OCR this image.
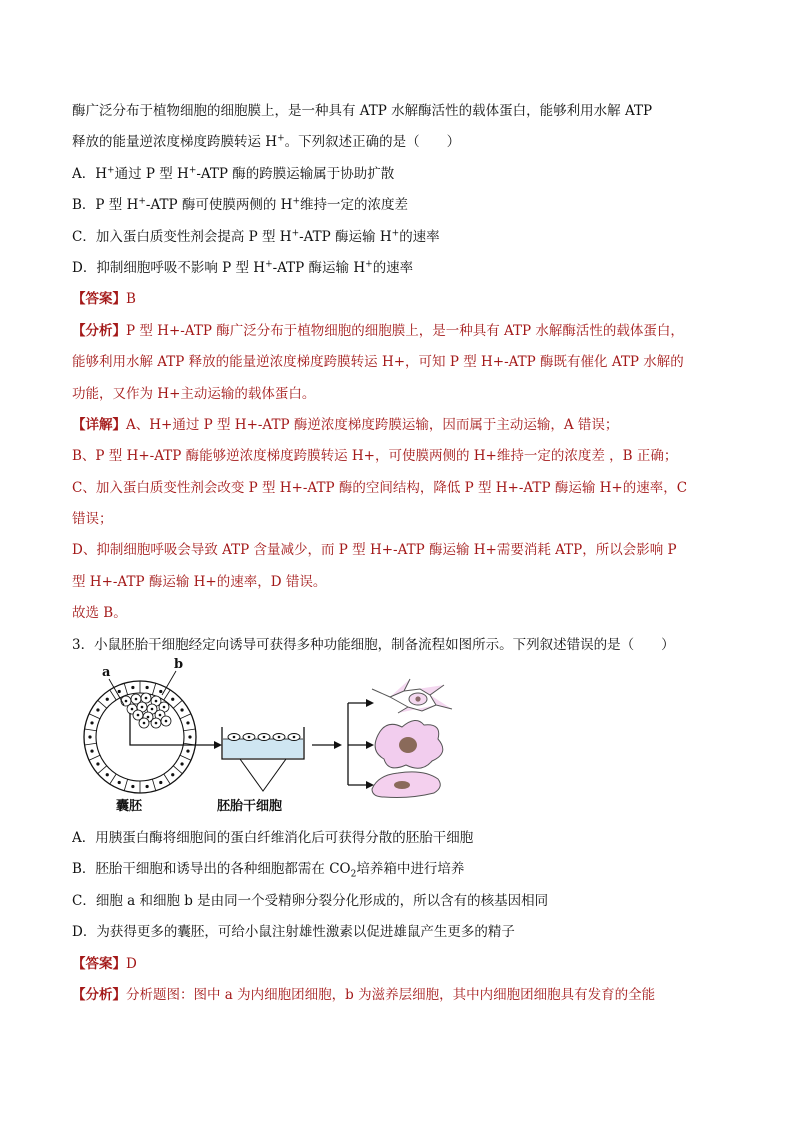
酶广泛分布于植物细胞的细胞膜上，是一种具有 ATP 水解酶活性的载体蛋白，能够利用水解 ATP
释放的能量逆浓度梯度跨膜转运 H+。下列叙述正确的是（　　）
A．H+通过 P 型 H+-ATP 酶的跨膜运输属于协助扩散
B．P 型 H+-ATP 酶可使膜两侧的 H+维持一定的浓度差
C．加入蛋白质变性剂会提高 P 型 H+-ATP 酶运输 H+的速率
D．抑制细胞呼吸不影响 P 型 H+-ATP 酶运输 H+的速率
【答案】B
【分析】P 型 H+-ATP 酶广泛分布于植物细胞的细胞膜上，是一种具有 ATP 水解酶活性的载体蛋白，
能够利用水解 ATP 释放的能量逆浓度梯度跨膜转运 H+，可知 P 型 H+-ATP 酶既有催化 ATP 水解的
功能，又作为 H+主动运输的载体蛋白。
【详解】A、H+通过 P 型 H+-ATP 酶逆浓度梯度跨膜运输，因而属于主动运输，A 错误；
B、P 型 H+-ATP 酶能够逆浓度梯度跨膜转运 H+，可使膜两侧的 H+维持一定的浓度差 ，B 正确；
C、加入蛋白质变性剂会改变 P 型 H+-ATP 酶的空间结构，降低 P 型 H+-ATP 酶运输 H+的速率，C
错误；
D、抑制细胞呼吸会导致 ATP 含量减少，而 P 型 H+-ATP 酶运输 H+需要消耗 ATP，所以会影响 P
型 H+-ATP 酶运输 H+的速率，D 错误。
故选 B。
3．小鼠胚胎干细胞经定向诱导可获得多种功能细胞，制备流程如图所示。下列叙述错误的是（　　）
a
b
囊胚	胚胎干细胞
A．用胰蛋白酶将细胞间的蛋白纤维消化后可获得分散的胚胎干细胞
B．胚胎干细胞和诱导出的各种细胞都需在 $CO_2$培养箱中进行培养
C．细胞 a 和细胞 b 是由同一个受精卵分裂分化形成的，所以含有的核基因相同
D．为获得更多的囊胚，可给小鼠注射雄性激素以促进雄鼠产生更多的精子
【答案】D
【分析】分析题图：图中 a 为内细胞团细胞，b 为滋养层细胞，其中内细胞团细胞具有发育的全能
